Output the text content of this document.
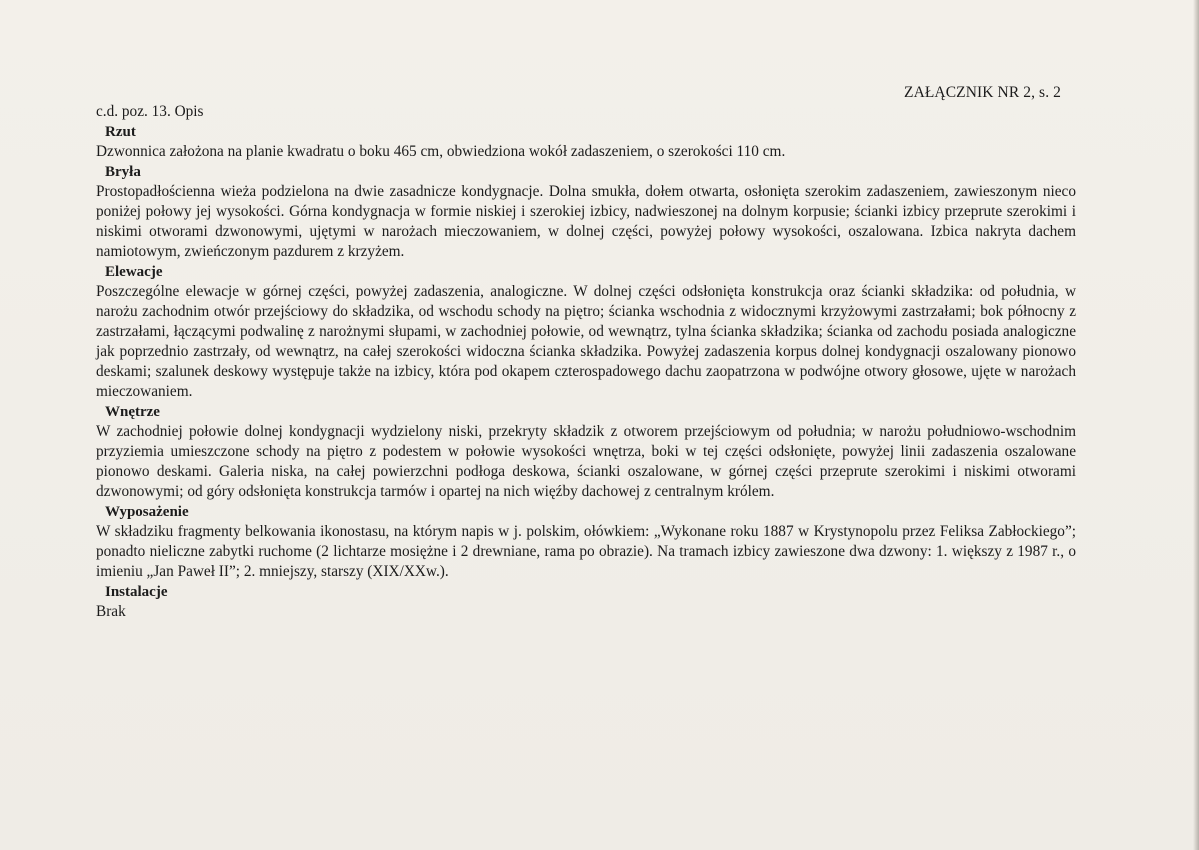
ZAŁĄCZNIK NR 2, s. 2
c.d. poz. 13. Opis
Rzut
Dzwonnica założona na planie kwadratu o boku 465 cm, obwiedziona wokół zadaszeniem, o szerokości 110 cm.
Bryła
Prostopadłościenna wieża podzielona na dwie zasadnicze kondygnacje. Dolna smukła, dołem otwarta, osłonięta szerokim zadaszeniem, zawieszonym nieco poniżej połowy jej wysokości. Górna kondygnacja w formie niskiej i szerokiej izbicy, nadwieszonej na dolnym korpusie; ścianki izbicy przeprute szerokimi i niskimi otworami dzwonowymi, ujętymi w narożach mieczowaniem, w dolnej części, powyżej połowy wysokości, oszalowana. Izbica nakryta dachem namiotowym, zwieńczonym pazdurem z krzyżem.
Elewacje
Poszczególne elewacje w górnej części, powyżej zadaszenia, analogiczne. W dolnej części odsłonięta konstrukcja oraz ścianki składzika: od południa, w narożu zachodnim otwór przejściowy do składzika, od wschodu schody na piętro; ścianka wschodnia z widocznymi krzyżowymi zastrzałami; bok północny z zastrzałami, łączącymi podwalinę z narożnymi słupami, w zachodniej połowie, od wewnątrz, tylna ścianka składzika; ścianka od zachodu posiada analogiczne jak poprzednio zastrzały, od wewnątrz, na całej szerokości widoczna ścianka składzika. Powyżej zadaszenia korpus dolnej kondygnacji oszalowany pionowo deskami; szalunek deskowy występuje także na izbicy, która pod okapem czterospadowego dachu zaopatrzona w podwójne otwory głosowe, ujęte w narożach mieczowaniem.
Wnętrze
W zachodniej połowie dolnej kondygnacji wydzielony niski, przekryty składzik z otworem przejściowym od południa; w narożu południowo-wschodnim przyziemia umieszczone schody na piętro z podestem w połowie wysokości wnętrza, boki w tej części odsłonięte, powyżej linii zadaszenia oszalowane pionowo deskami. Galeria niska, na całej powierzchni podłoga deskowa, ścianki oszalowane, w górnej części przeprute szerokimi i niskimi otworami dzwonowymi; od góry odsłonięta konstrukcja tarmów i opartej na nich więźby dachowej z centralnym królem.
Wyposażenie
W składziku fragmenty belkowania ikonostasu, na którym napis w j. polskim, ołówkiem: „Wykonane roku 1887 w Krystynopolu przez Feliksa Zabłockiego”; ponadto nieliczne zabytki ruchome (2 lichtarze mosiężne i 2 drewniane, rama po obrazie). Na tramach izbicy zawieszone dwa dzwony: 1. większy z 1987 r., o imieniu „Jan Paweł II”; 2. mniejszy, starszy (XIX/XXw.).
Instalacje
Brak
